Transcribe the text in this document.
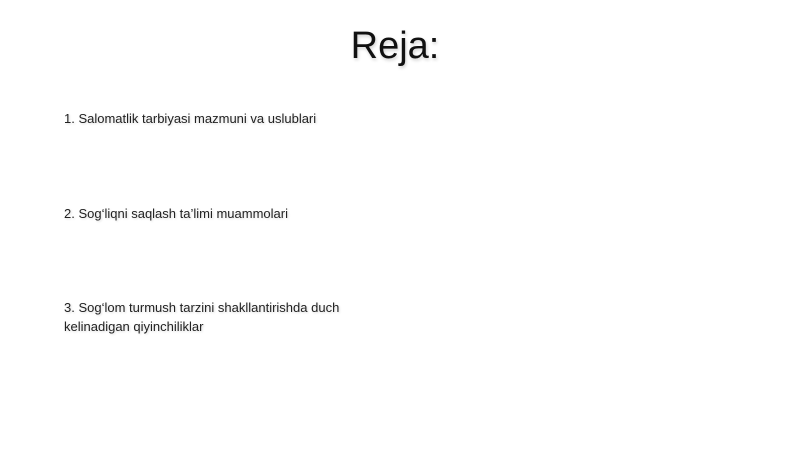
Reja:

1. Salomatlik tarbiyasi mazmuni va uslublari

2. Sog‘liqni saqlash ta’limi muammolari

3. Sog‘lom turmush tarzini shakllantirishda duch kelinadigan qiyinchiliklar
